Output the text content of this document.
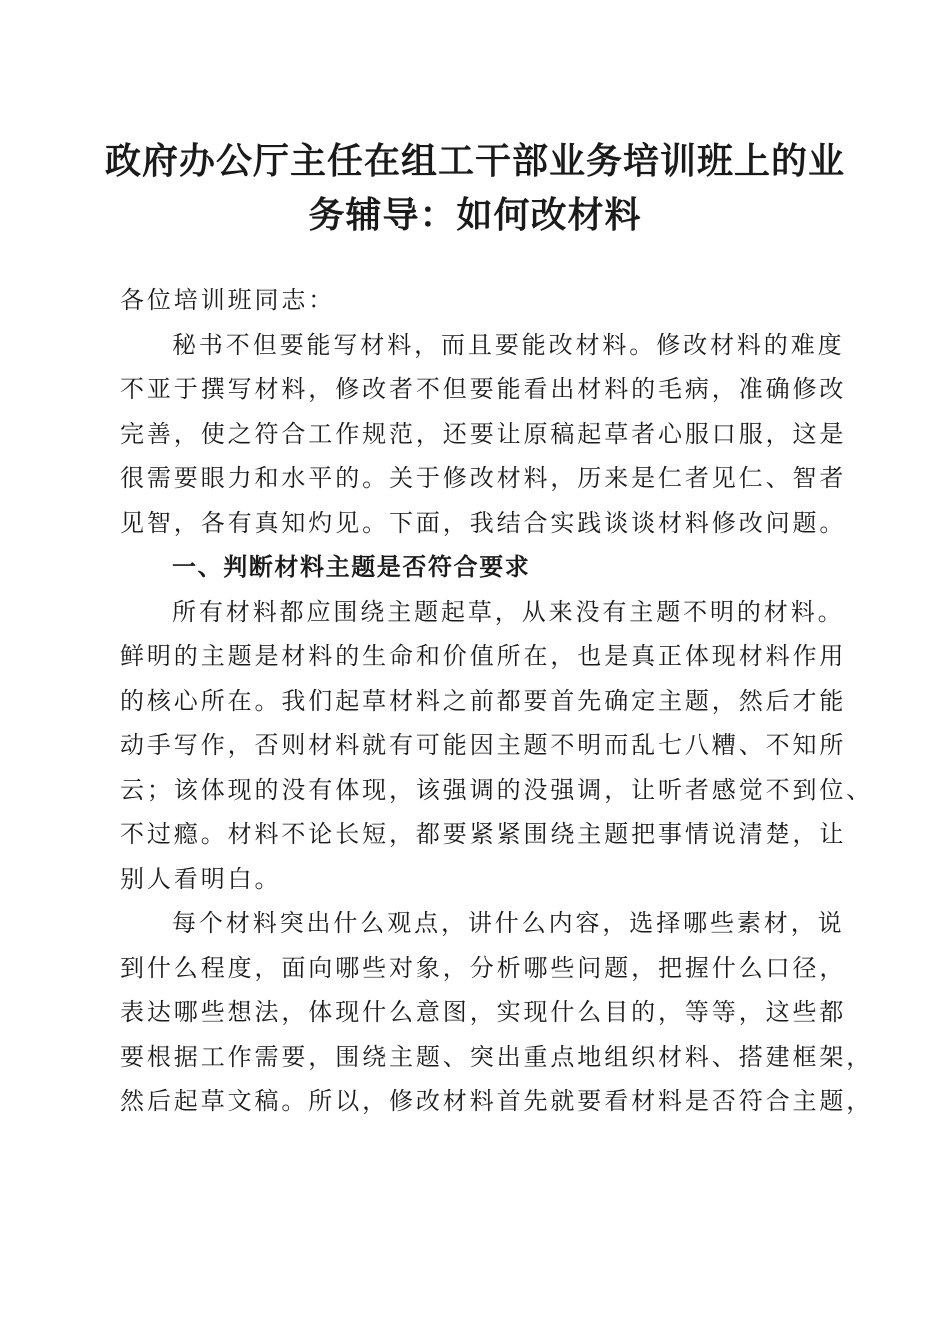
政府办公厅主任在组工干部业务培训班上的业
务辅导：如何改材料

各位培训班同志：

秘书不但要能写材料，而且要能改材料。修改材料的难度
不亚于撰写材料，修改者不但要能看出材料的毛病，准确修改
完善，使之符合工作规范，还要让原稿起草者心服口服，这是
很需要眼力和水平的。关于修改材料，历来是仁者见仁、智者
见智，各有真知灼见。下面，我结合实践谈谈材料修改问题。

一、判断材料主题是否符合要求

所有材料都应围绕主题起草，从来没有主题不明的材料。
鲜明的主题是材料的生命和价值所在，也是真正体现材料作用
的核心所在。我们起草材料之前都要首先确定主题，然后才能
动手写作，否则材料就有可能因主题不明而乱七八糟、不知所
云；该体现的没有体现，该强调的没强调，让听者感觉不到位、
不过瘾。材料不论长短，都要紧紧围绕主题把事情说清楚，让
别人看明白。

每个材料突出什么观点，讲什么内容，选择哪些素材，说
到什么程度，面向哪些对象，分析哪些问题，把握什么口径，
表达哪些想法，体现什么意图，实现什么目的，等等，这些都
要根据工作需要，围绕主题、突出重点地组织材料、搭建框架，
然后起草文稿。所以，修改材料首先就要看材料是否符合主题，
